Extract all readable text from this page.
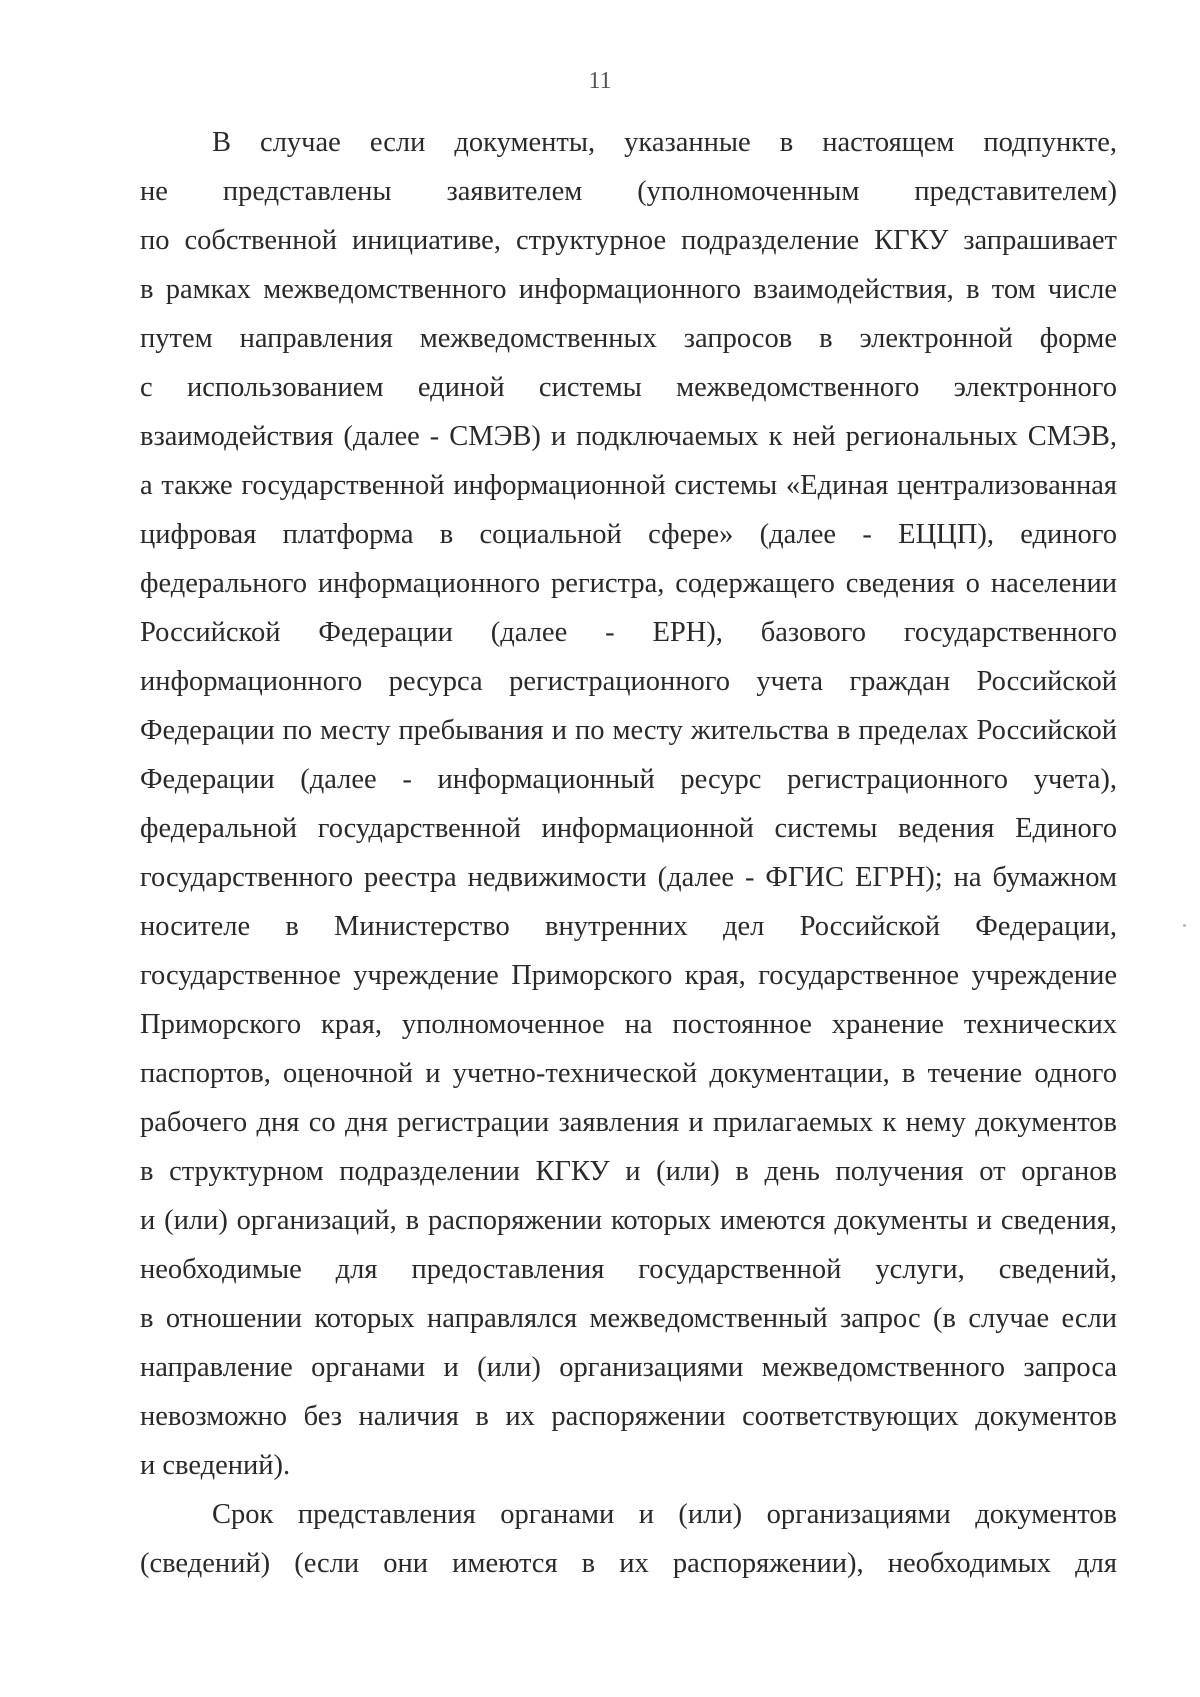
11
В случае если документы, указанные в настоящем подпункте,
не представлены заявителем (уполномоченным представителем)
по собственной инициативе, структурное подразделение КГКУ запрашивает
в рамках межведомственного информационного взаимодействия, в том числе
путем направления межведомственных запросов в электронной форме
с использованием единой системы межведомственного электронного
взаимодействия (далее - СМЭВ) и подключаемых к ней региональных СМЭВ,
а также государственной информационной системы «Единая централизованная
цифровая платформа в социальной сфере» (далее - ЕЦЦП), единого
федерального информационного регистра, содержащего сведения о населении
Российской Федерации (далее - ЕРН), базового государственного
информационного ресурса регистрационного учета граждан Российской
Федерации по месту пребывания и по месту жительства в пределах Российской
Федерации (далее - информационный ресурс регистрационного учета),
федеральной государственной информационной системы ведения Единого
государственного реестра недвижимости (далее - ФГИС ЕГРН); на бумажном
носителе в Министерство внутренних дел Российской Федерации,
государственное учреждение Приморского края, государственное учреждение
Приморского края, уполномоченное на постоянное хранение технических
паспортов, оценочной и учетно-технической документации, в течение одного
рабочего дня со дня регистрации заявления и прилагаемых к нему документов
в структурном подразделении КГКУ и (или) в день получения от органов
и (или) организаций, в распоряжении которых имеются документы и сведения,
необходимые для предоставления государственной услуги, сведений,
в отношении которых направлялся межведомственный запрос (в случае если
направление органами и (или) организациями межведомственного запроса
невозможно без наличия в их распоряжении соответствующих документов
и сведений).
Срок представления органами и (или) организациями документов
(сведений) (если они имеются в их распоряжении), необходимых для
